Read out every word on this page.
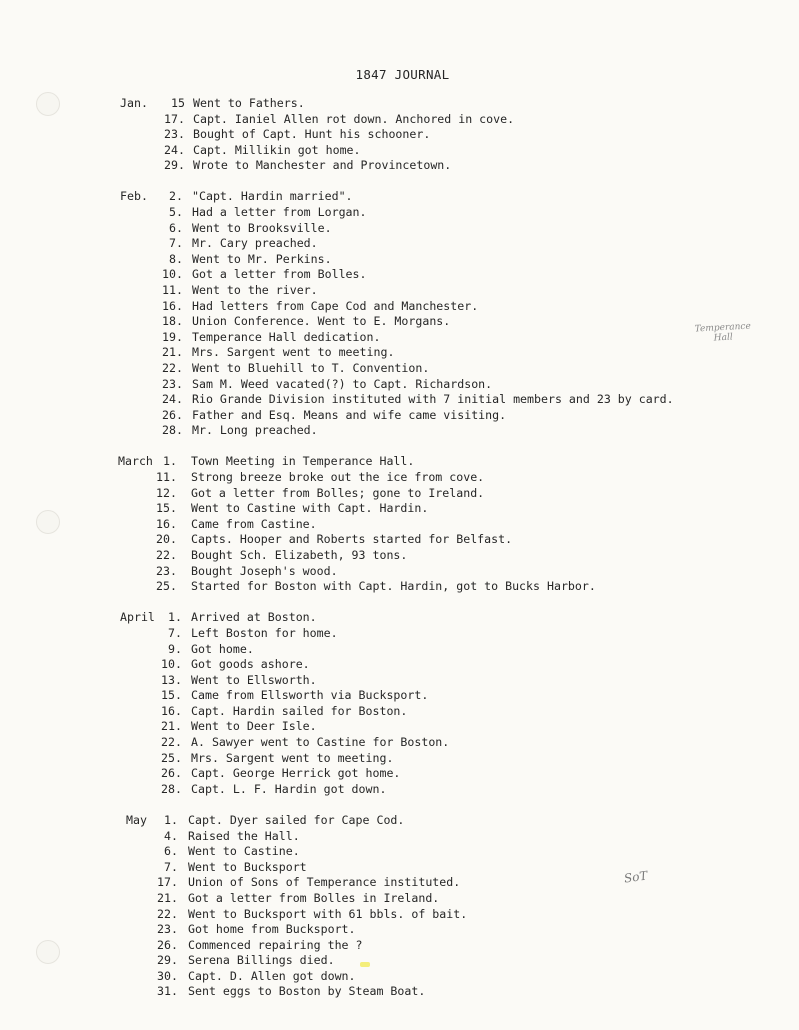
1847 JOURNAL
Jan.	15 Went to Fathers.
17. Capt. Ianiel Allen rot down. Anchored in cove.
23. Bought of Capt. Hunt his schooner.
24. Capt. Millikin got home.
29. Wrote to Manchester and Provincetown.
Feb.	2. "Capt. Hardin married".
5. Had a letter from Lorgan.
6. Went to Brooksville.
7. Mr. Cary preached.
8. Went to Mr. Perkins.
10. Got a letter from Bolles.
11. Went to the river.
16. Had letters from Cape Cod and Manchester.
18. Union Conference. Went to E. Morgans.
19. Temperance Hall dedication.
21. Mrs. Sargent went to meeting.
22. Went to Bluehill to T. Convention.
23. Sam M. Weed vacated(?) to Capt. Richardson.
24. Rio Grande Division instituted with 7 initial members and 23 by card.
26. Father and Esq. Means and wife came visiting.
28. Mr. Long preached.
March 1. Town Meeting in Temperance Hall.
11. Strong breeze broke out the ice from cove.
12. Got a letter from Bolles; gone to Ireland.
15. Went to Castine with Capt. Hardin.
16. Came from Castine.
20. Capts. Hooper and Roberts started for Belfast.
22. Bought Sch. Elizabeth, 93 tons.
23. Bought Joseph's wood.
25. Started for Boston with Capt. Hardin, got to Bucks Harbor.
April	1. Arrived at Boston.
7. Left Boston for home.
9. Got home.
10. Got goods ashore.
13. Went to Ellsworth.
15. Came from Ellsworth via Bucksport.
16. Capt. Hardin sailed for Boston.
21. Went to Deer Isle.
22. A. Sawyer went to Castine for Boston.
25. Mrs. Sargent went to meeting.
26. Capt. George Herrick got home.
28. Capt. L. F. Hardin got down.
May	1. Capt. Dyer sailed for Cape Cod.
4. Raised the Hall.
6. Went to Castine.
7. Went to Bucksport
17. Union of Sons of Temperance instituted.
21. Got a letter from Bolles in Ireland.
22. Went to Bucksport with 61 bbls. of bait.
23. Got home from Bucksport.
26. Commenced repairing the ?
29. Serena Billings died.
30. Capt. D. Allen got down.
31. Sent eggs to Boston by Steam Boat.
Temperance
Hall
SoT
